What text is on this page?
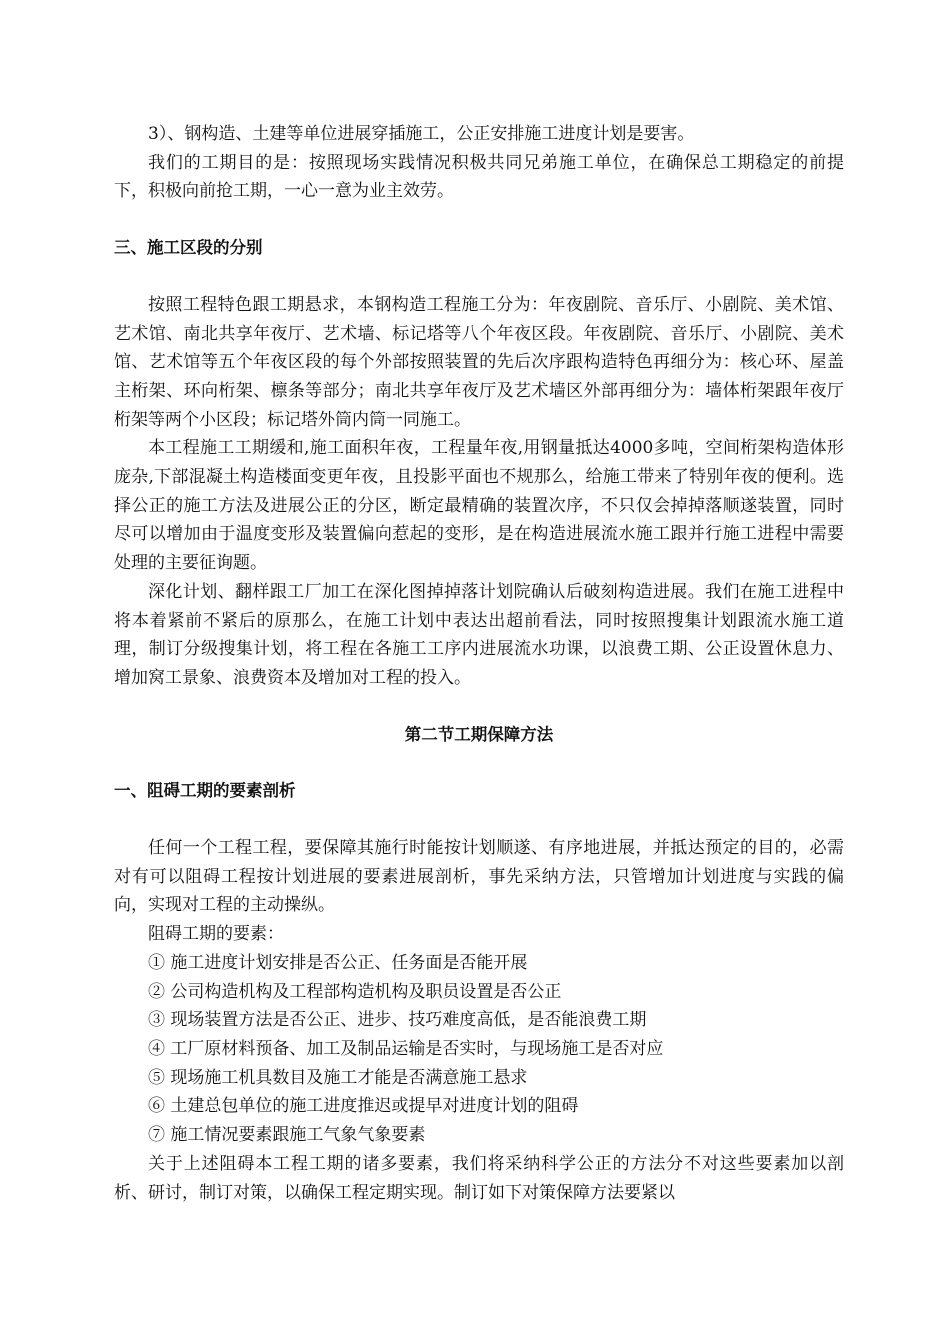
3）、钢构造、土建等单位进展穿插施工，公正安排施工进度计划是要害。

我们的工期目的是：按照现场实践情况积极共同兄弟施工单位，在确保总工期稳定的前提下，积极向前抢工期，一心一意为业主效劳。

三、施工区段的分别

按照工程特色跟工期悬求，本钢构造工程施工分为：年夜剧院、音乐厅、小剧院、美术馆、艺术馆、南北共享年夜厅、艺术墙、标记塔等八个年夜区段。年夜剧院、音乐厅、小剧院、美术馆、艺术馆等五个年夜区段的每个外部按照装置的先后次序跟构造特色再细分为：核心环、屋盖主桁架、环向桁架、檩条等部分；南北共享年夜厅及艺术墙区外部再细分为：墙体桁架跟年夜厅桁架等两个小区段；标记塔外筒内筒一同施工。

本工程施工工期缓和,施工面积年夜，工程量年夜,用钢量抵达4000多吨，空间桁架构造体形庞杂,下部混凝土构造楼面变更年夜，且投影平面也不规那么，给施工带来了特别年夜的便利。选择公正的施工方法及进展公正的分区，断定最精确的装置次序，不只仅会掉掉落顺遂装置，同时尽可以增加由于温度变形及装置偏向惹起的变形，是在构造进展流水施工跟并行施工进程中需要处理的主要征询题。

深化计划、翻样跟工厂加工在深化图掉掉落计划院确认后破刻构造进展。我们在施工进程中将本着紧前不紧后的原那么，在施工计划中表达出超前看法，同时按照搜集计划跟流水施工道理，制订分级搜集计划，将工程在各施工工序内进展流水功课，以浪费工期、公正设置休息力、增加窝工景象、浪费资本及增加对工程的投入。

第二节工期保障方法
一、阻碍工期的要素剖析

任何一个工程工程，要保障其施行时能按计划顺遂、有序地进展，并抵达预定的目的，必需对有可以阻碍工程按计划进展的要素进展剖析，事先采纳方法，只管增加计划进度与实践的偏向，实现对工程的主动操纵。

阻碍工期的要素：

① 施工进度计划安排是否公正、任务面是否能开展
② 公司构造机构及工程部构造机构及职员设置是否公正
③ 现场装置方法是否公正、进步、技巧难度高低，是否能浪费工期
④ 工厂原材料预备、加工及制品运输是否实时，与现场施工是否对应
⑤ 现场施工机具数目及施工才能是否满意施工悬求
⑥ 土建总包单位的施工进度推迟或提早对进度计划的阻碍
⑦ 施工情况要素跟施工气象气象要素

关于上述阻碍本工程工期的诸多要素，我们将采纳科学公正的方法分不对这些要素加以剖析、研讨，制订对策，以确保工程定期实现。制订如下对策保障方法要紧以
